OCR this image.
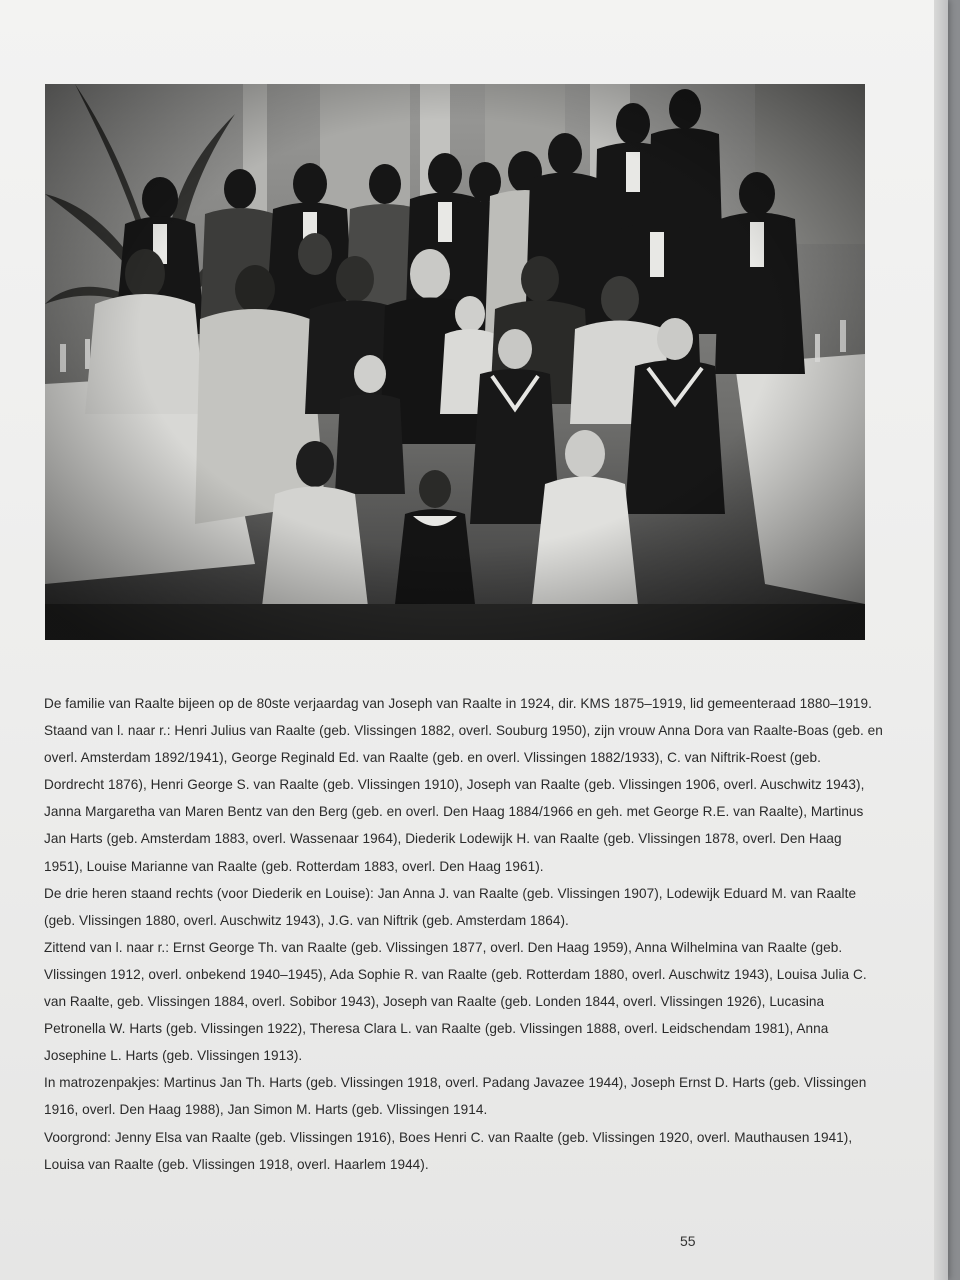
De familie van Raalte bijeen op de 80ste verjaardag van Joseph van Raalte in 1924, dir. KMS 1875–1919, lid gemeenteraad 1880–1919. Staand van l. naar r.: Henri Julius van Raalte (geb. Vlissingen 1882, overl. Souburg 1950), zijn vrouw Anna Dora van Raalte-Boas (geb. en overl. Amsterdam 1892/1941), George Reginald Ed. van Raalte (geb. en overl. Vlissingen 1882/1933), C. van Niftrik-Roest (geb. Dordrecht 1876), Henri George S. van Raalte (geb. Vlissingen 1910), Joseph van Raalte (geb. Vlissingen 1906, overl. Auschwitz 1943), Janna Margaretha van Maren Bentz van den Berg (geb. en overl. Den Haag 1884/1966 en geh. met George R.E. van Raalte), Martinus Jan Harts (geb. Amsterdam 1883, overl. Wassenaar 1964), Diederik Lodewijk H. van Raalte (geb. Vlissingen 1878, overl. Den Haag 1951), Louise Marianne van Raalte (geb. Rotterdam 1883, overl. Den Haag 1961).

De drie heren staand rechts (voor Diederik en Louise): Jan Anna J. van Raalte (geb. Vlissingen 1907), Lodewijk Eduard M. van Raalte (geb. Vlissingen 1880, overl. Auschwitz 1943), J.G. van Niftrik (geb. Amsterdam 1864).

Zittend van l. naar r.: Ernst George Th. van Raalte (geb. Vlissingen 1877, overl. Den Haag 1959), Anna Wilhelmina van Raalte (geb. Vlissingen 1912, overl. onbekend 1940–1945), Ada Sophie R. van Raalte (geb. Rotterdam 1880, overl. Auschwitz 1943), Louisa Julia C. van Raalte, geb. Vlissingen 1884, overl. Sobibor 1943), Joseph van Raalte (geb. Londen 1844, overl. Vlissingen 1926), Lucasina Petronella W. Harts (geb. Vlissingen 1922), Theresa Clara L. van Raalte (geb. Vlissingen 1888, overl. Leidschendam 1981), Anna Josephine L. Harts (geb. Vlissingen 1913).

In matrozenpakjes: Martinus Jan Th. Harts (geb. Vlissingen 1918, overl. Padang Javazee 1944), Joseph Ernst D. Harts (geb. Vlissingen 1916, overl. Den Haag 1988), Jan Simon M. Harts (geb. Vlissingen 1914.

Voorgrond: Jenny Elsa van Raalte (geb. Vlissingen 1916), Boes Henri C. van Raalte (geb. Vlissingen 1920, overl. Mauthausen 1941), Louisa van Raalte (geb. Vlissingen 1918, overl. Haarlem 1944).

55
